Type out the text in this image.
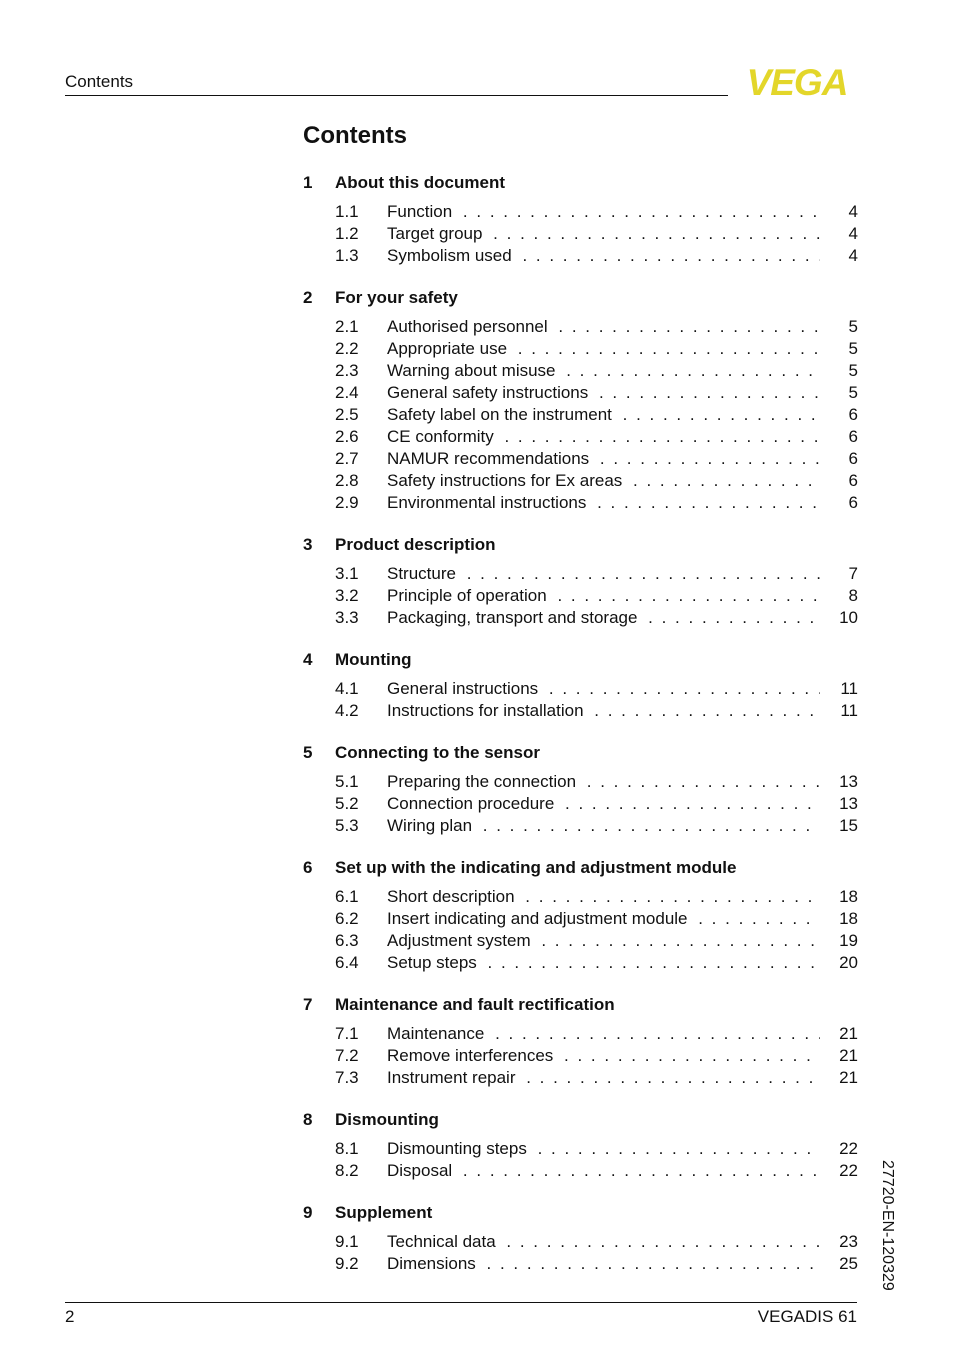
Contents	VEGA
Contents
1	About this document
1.1	Function . . .	4
1.2	Target group . . .	4
1.3	Symbolism used . . .	4
2	For your safety
2.1	Authorised personnel . . .	5
2.2	Appropriate use . . .	5
2.3	Warning about misuse . . .	5
2.4	General safety instructions . . .	5
2.5	Safety label on the instrument . . .	6
2.6	CE conformity . . .	6
2.7	NAMUR recommendations . . .	6
2.8	Safety instructions for Ex areas . . .	6
2.9	Environmental instructions . . .	6
3	Product description
3.1	Structure . . .	7
3.2	Principle of operation . . .	8
3.3	Packaging, transport and storage . . .	10
4	Mounting
4.1	General instructions . . .	11
4.2	Instructions for installation . . .	11
5	Connecting to the sensor
5.1	Preparing the connection . . .	13
5.2	Connection procedure . . .	13
5.3	Wiring plan . . .	15
6	Set up with the indicating and adjustment module
6.1	Short description . . .	18
6.2	Insert indicating and adjustment module . . .	18
6.3	Adjustment system . . .	19
6.4	Setup steps . . .	20
7	Maintenance and fault rectification
7.1	Maintenance . . .	21
7.2	Remove interferences . . .	21
7.3	Instrument repair . . .	21
8	Dismounting
8.1	Dismounting steps . . .	22
8.2	Disposal . . .	22
9	Supplement
9.1	Technical data . . .	23
9.2	Dimensions . . .	25 27720-EN-120329
2	VEGADIS 61
